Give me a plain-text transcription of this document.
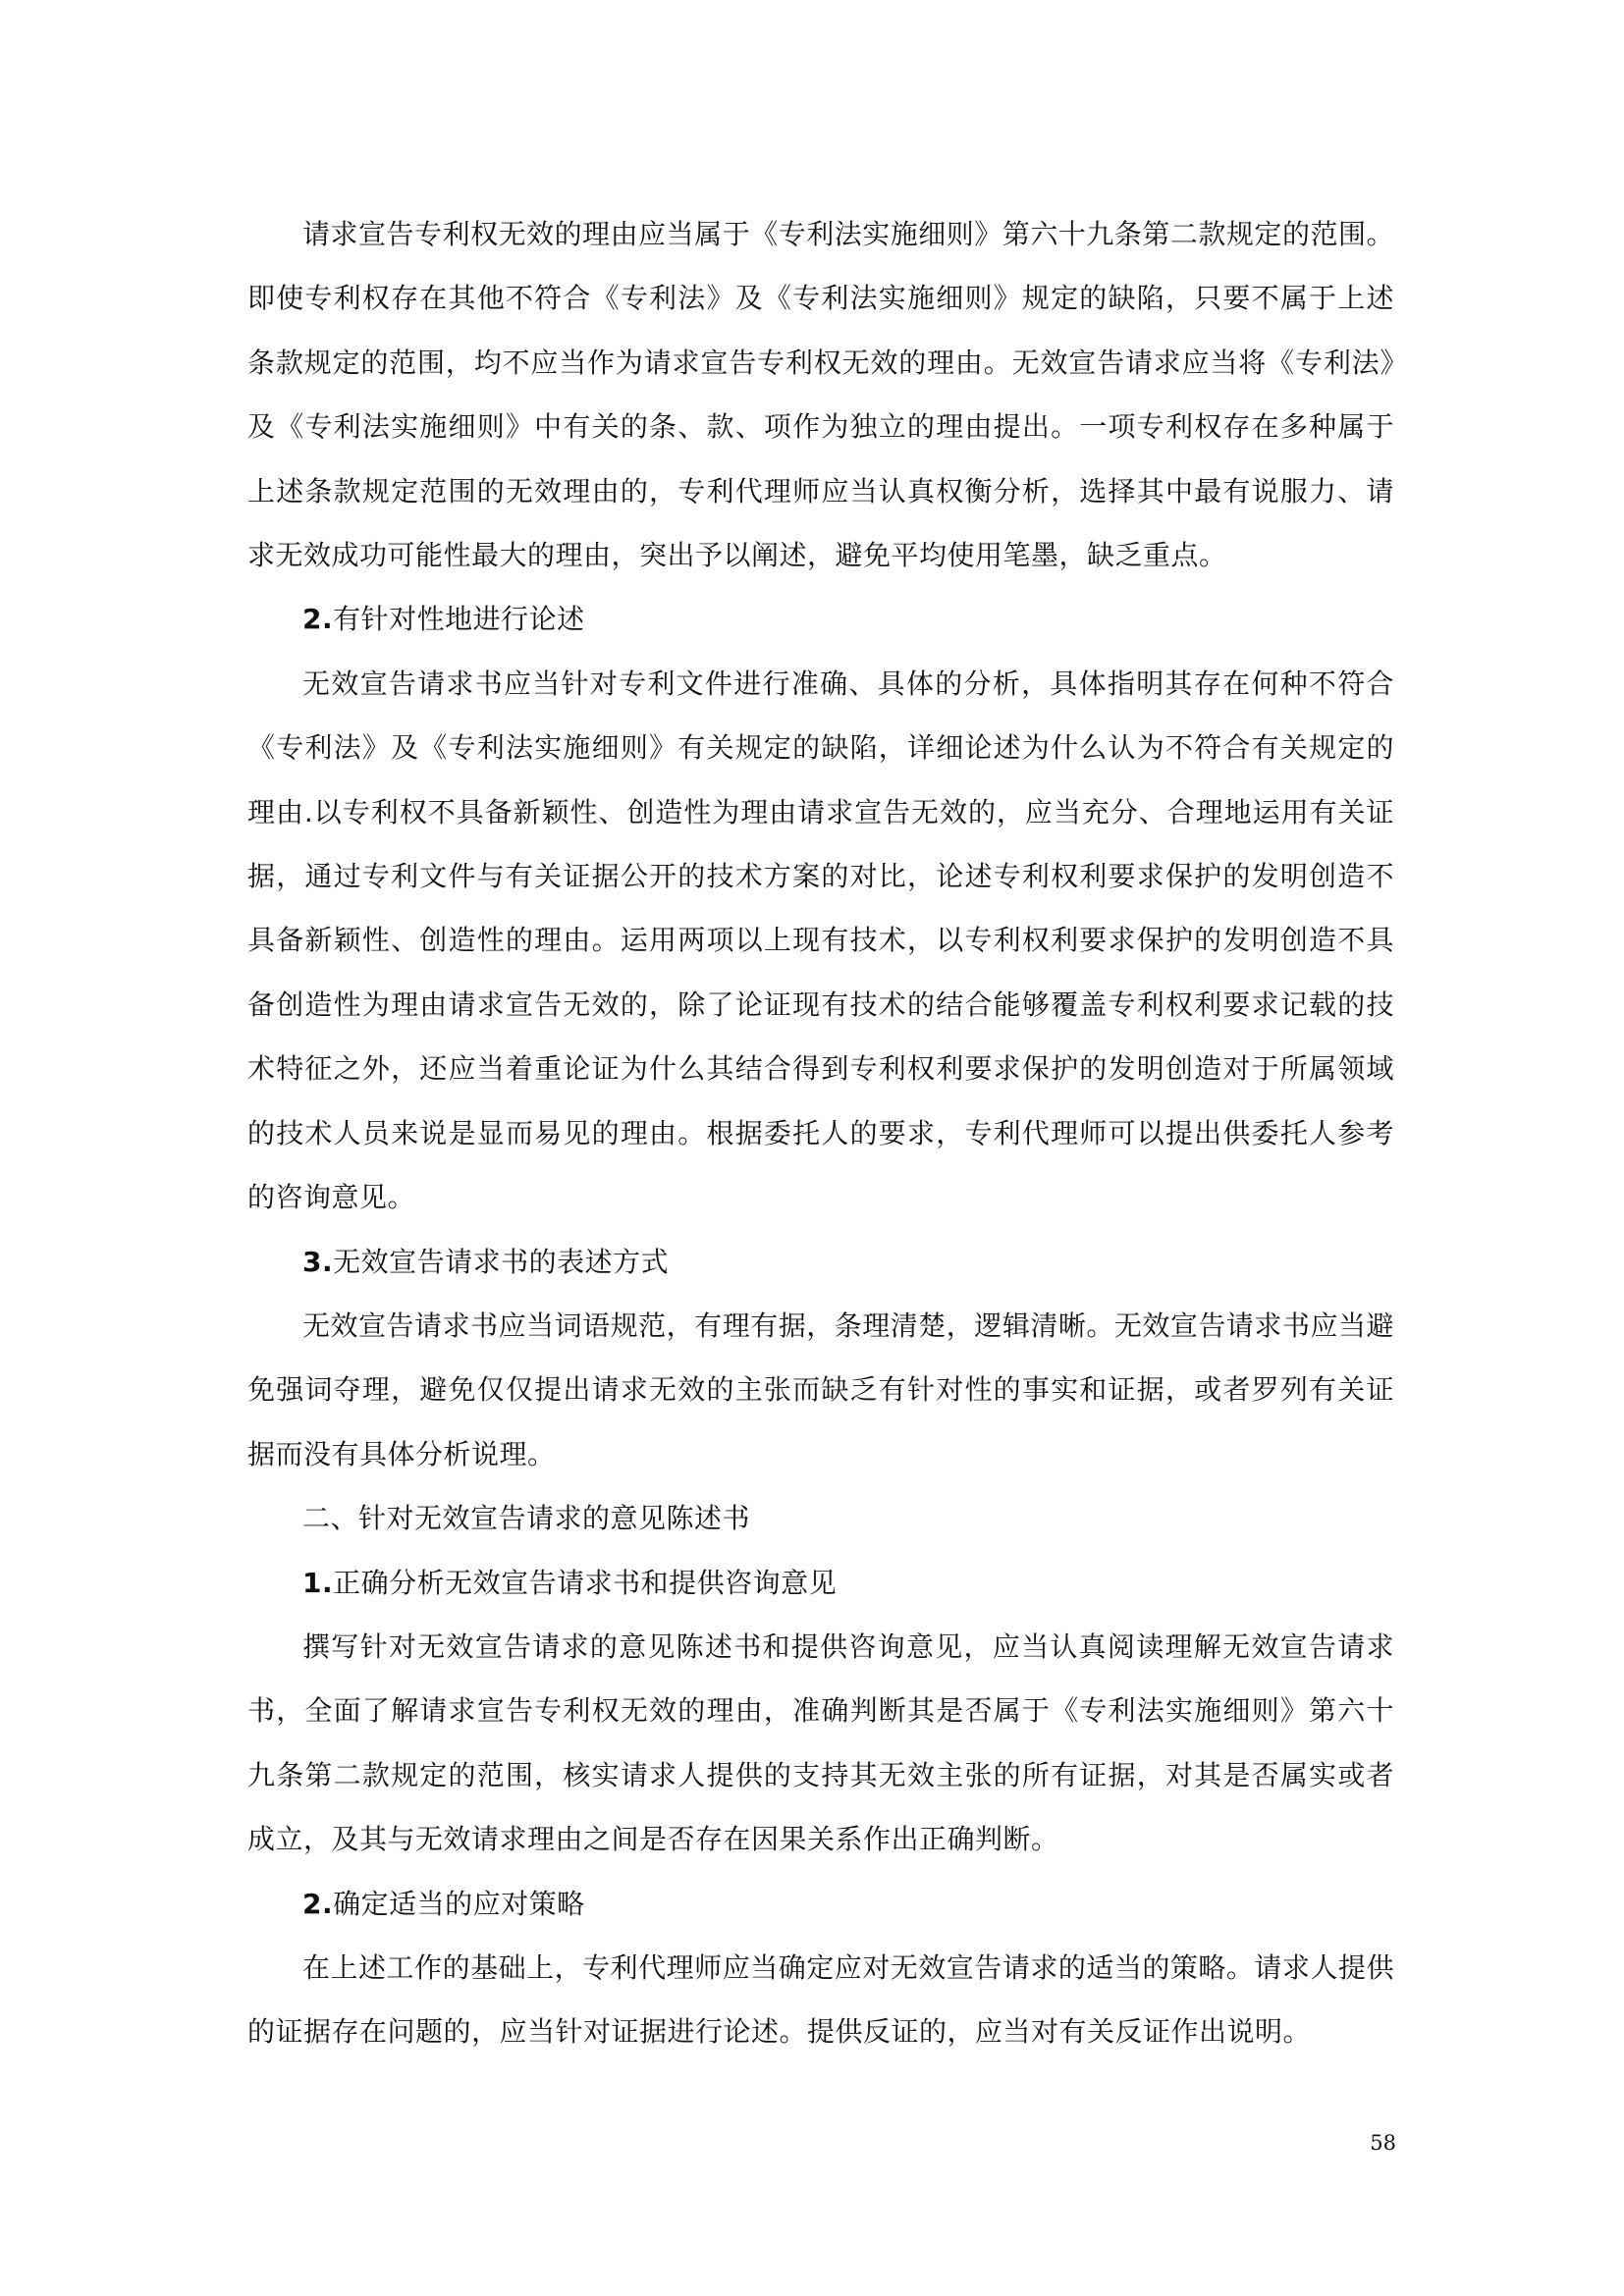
请求宣告专利权无效的理由应当属于《专利法实施细则》第六十九条第二款规定的范围。即使专利权存在其他不符合《专利法》及《专利法实施细则》规定的缺陷，只要不属于上述条款规定的范围，均不应当作为请求宣告专利权无效的理由。无效宣告请求应当将《专利法》及《专利法实施细则》中有关的条、款、项作为独立的理由提出。一项专利权存在多种属于上述条款规定范围的无效理由的，专利代理师应当认真权衡分析，选择其中最有说服力、请求无效成功可能性最大的理由，突出予以阐述，避免平均使用笔墨，缺乏重点。

2.有针对性地进行论述

无效宣告请求书应当针对专利文件进行准确、具体的分析，具体指明其存在何种不符合《专利法》及《专利法实施细则》有关规定的缺陷，详细论述为什么认为不符合有关规定的理由.以专利权不具备新颖性、创造性为理由请求宣告无效的，应当充分、合理地运用有关证据，通过专利文件与有关证据公开的技术方案的对比，论述专利权利要求保护的发明创造不具备新颖性、创造性的理由。运用两项以上现有技术，以专利权利要求保护的发明创造不具备创造性为理由请求宣告无效的，除了论证现有技术的结合能够覆盖专利权利要求记载的技术特征之外，还应当着重论证为什么其结合得到专利权利要求保护的发明创造对于所属领域的技术人员来说是显而易见的理由。根据委托人的要求，专利代理师可以提出供委托人参考的咨询意见。

3.无效宣告请求书的表述方式

无效宣告请求书应当词语规范，有理有据，条理清楚，逻辑清晰。无效宣告请求书应当避免强词夺理，避免仅仅提出请求无效的主张而缺乏有针对性的事实和证据，或者罗列有关证据而没有具体分析说理。

二、针对无效宣告请求的意见陈述书

1.正确分析无效宣告请求书和提供咨询意见

撰写针对无效宣告请求的意见陈述书和提供咨询意见，应当认真阅读理解无效宣告请求书，全面了解请求宣告专利权无效的理由，准确判断其是否属于《专利法实施细则》第六十九条第二款规定的范围，核实请求人提供的支持其无效主张的所有证据，对其是否属实或者成立，及其与无效请求理由之间是否存在因果关系作出正确判断。

2.确定适当的应对策略

在上述工作的基础上，专利代理师应当确定应对无效宣告请求的适当的策略。请求人提供的证据存在问题的，应当针对证据进行论述。提供反证的，应当对有关反证作出说明。

58
